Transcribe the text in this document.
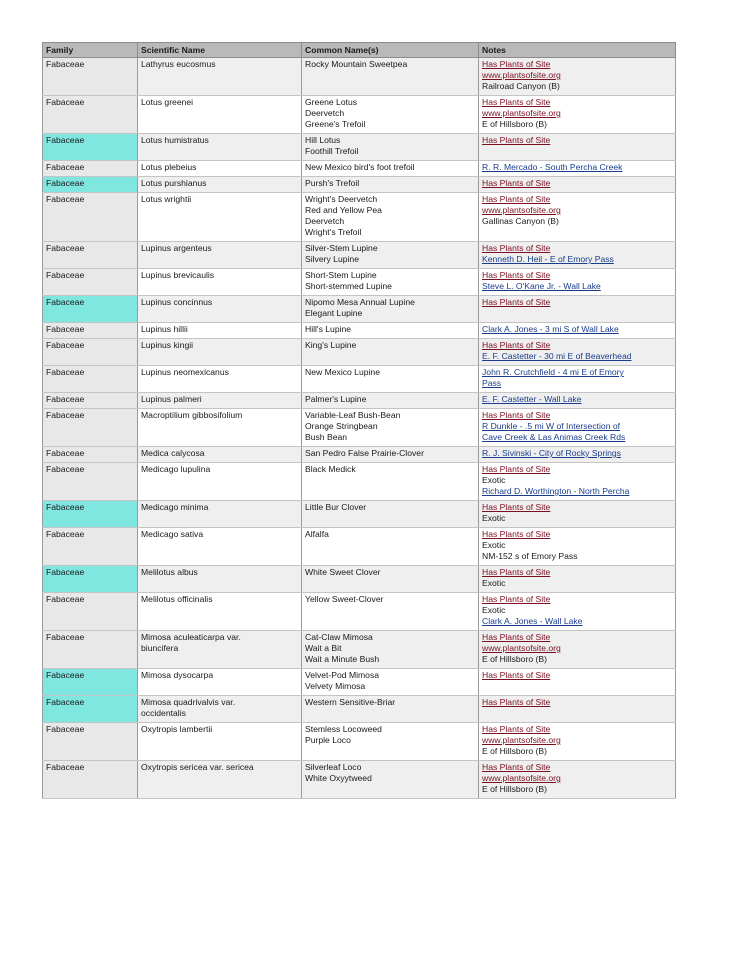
Family	Scientific Name	Common Name(s)	Notes
Fabaceae	Lathyrus eucosmus	Rocky Mountain Sweetpea	Has Plants of Site
www.plantsofsite.org
Railroad Canyon (B)

Fabaceae	Lotus greenei	Greene Lotus
Deervetch
Greene's Trefoil	Has Plants of Site
www.plantsofsite.org
E of Hillsboro (B)

Fabaceae	Lotus humistratus	Hill Lotus
Foothill Trefoil	Has Plants of Site

Fabaceae	Lotus plebeius	New Mexico bird's foot trefoil	R. R. Mercado - South Percha Creek

Fabaceae	Lotus purshianus	Pursh's Trefoil	Has Plants of Site

Fabaceae	Lotus wrightii	Wright's Deervetch
Red and Yellow Pea
Deervetch
Wright's Trefoil	Has Plants of Site
www.plantsofsite.org
Gallinas Canyon (B)

Fabaceae	Lupinus argenteus	Silver-Stem Lupine
Silvery Lupine	Has Plants of Site
Kenneth D. Heil - E of Emory Pass

Fabaceae	Lupinus brevicaulis	Short-Stem Lupine
Short-stemmed Lupine	Has Plants of Site
Steve L. O'Kane Jr. - Wall Lake

Fabaceae	Lupinus concinnus	Nipomo Mesa Annual Lupine
Elegant Lupine	Has Plants of Site

Fabaceae	Lupinus hillii	Hill's Lupine	Clark A. Jones - 3 mi S of Wall Lake

Fabaceae	Lupinus kingii	King's Lupine	Has Plants of Site
E. F. Castetter - 30 mi E of Beaverhead

Fabaceae	Lupinus neomexicanus	New Mexico Lupine	John R. Crutchfield - 4 mi E of Emory
Pass

Fabaceae	Lupinus palmeri	Palmer's Lupine	E. F. Castetter - Wall Lake

Fabaceae	Macroptilium gibbosifolium	Variable-Leaf Bush-Bean
Orange Stringbean
Bush Bean	Has Plants of Site
R Dunkle - .5 mi W of Intersection of
Cave Creek & Las Animas Creek Rds

Fabaceae	Medica calycosa	San Pedro False Prairie-Clover	R. J. Sivinski - City of Rocky Springs

Fabaceae	Medicago lupulina	Black Medick	Has Plants of Site
Exotic
Richard D. Worthington - North Percha

Fabaceae	Medicago minima	Little Bur Clover	Has Plants of Site
Exotic

Fabaceae	Medicago sativa	Alfalfa	Has Plants of Site
Exotic
NM-152 s of Emory Pass

Fabaceae	Melilotus albus	White Sweet Clover	Has Plants of Site
Exotic

Fabaceae	Melilotus officinalis	Yellow Sweet-Clover	Has Plants of Site
Exotic
Clark A. Jones - Wall Lake

Fabaceae	Mimosa aculeaticarpa var.
biuncifera	Cat-Claw Mimosa
Wait a Bit
Wait a Minute Bush	Has Plants of Site
www.plantsofsite.org
E of Hillsboro (B)

Fabaceae	Mimosa dysocarpa	Velvet-Pod Mimosa
Velvety Mimosa	Has Plants of Site

Fabaceae	Mimosa quadrivalvis var.
occidentalis	Western Sensitive-Briar	Has Plants of Site

Fabaceae	Oxytropis lambertii	Stemless Locoweed
Purple Loco	Has Plants of Site
www.plantsofsite.org
E of Hillsboro (B)

Fabaceae	Oxytropis sericea var. sericea	Silverleaf Loco
White Oxyytweed	Has Plants of Site
www.plantsofsite.org
E of Hillsboro (B)
